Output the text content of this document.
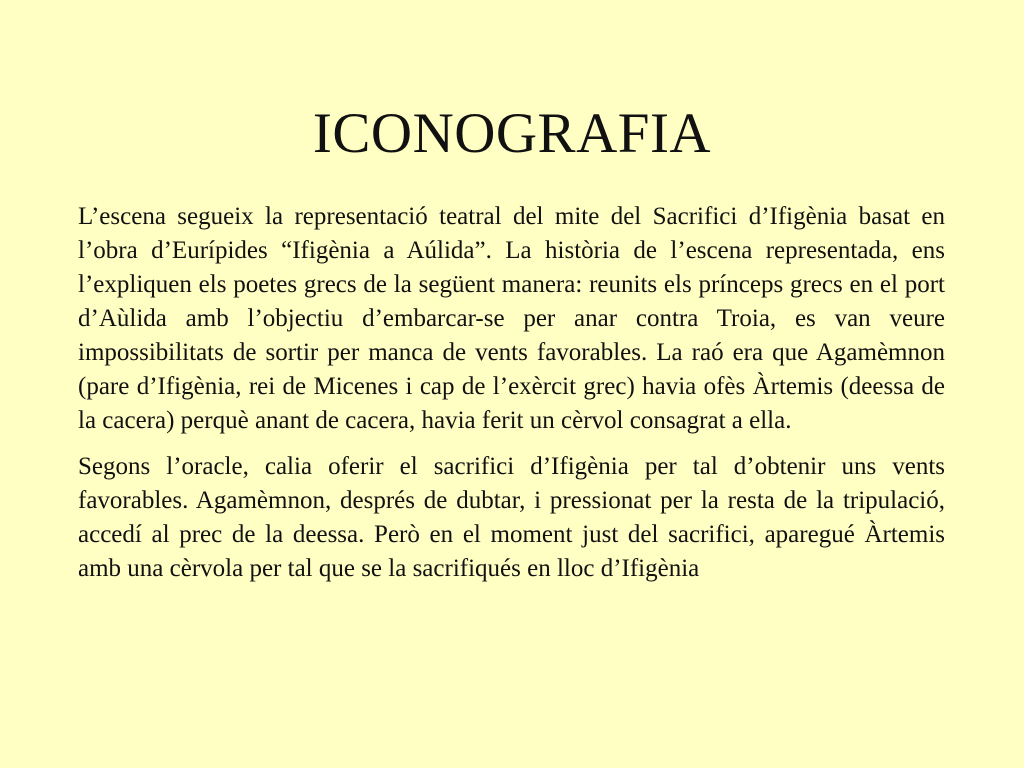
ICONOGRAFIA

L’escena segueix la representació teatral del mite del Sacrifici d’Ifigènia basat en l’obra d’Eurípides “Ifigènia a Aúlida”. La història de l’escena representada, ens l’expliquen els poetes grecs de la següent manera: reunits els prínceps grecs en el port d’Aùlida amb l’objectiu d’embarcar-se per anar contra Troia, es van veure impossibilitats de sortir per manca de vents favorables. La raó era que Agamèmnon (pare d’Ifigènia, rei de Micenes i cap de l’exèrcit grec) havia ofès Àrtemis (deessa de la cacera) perquè anant de cacera, havia ferit un cèrvol consagrat a ella.

Segons l’oracle, calia oferir el sacrifici d’Ifigènia per tal d’obtenir uns vents favorables. Agamèmnon, després de dubtar, i pressionat per la resta de la tripulació, accedí al prec de la deessa. Però en el moment just del sacrifici, aparegué Àrtemis amb una cèrvola per tal que se la sacrifiqués en lloc d’Ifigènia
